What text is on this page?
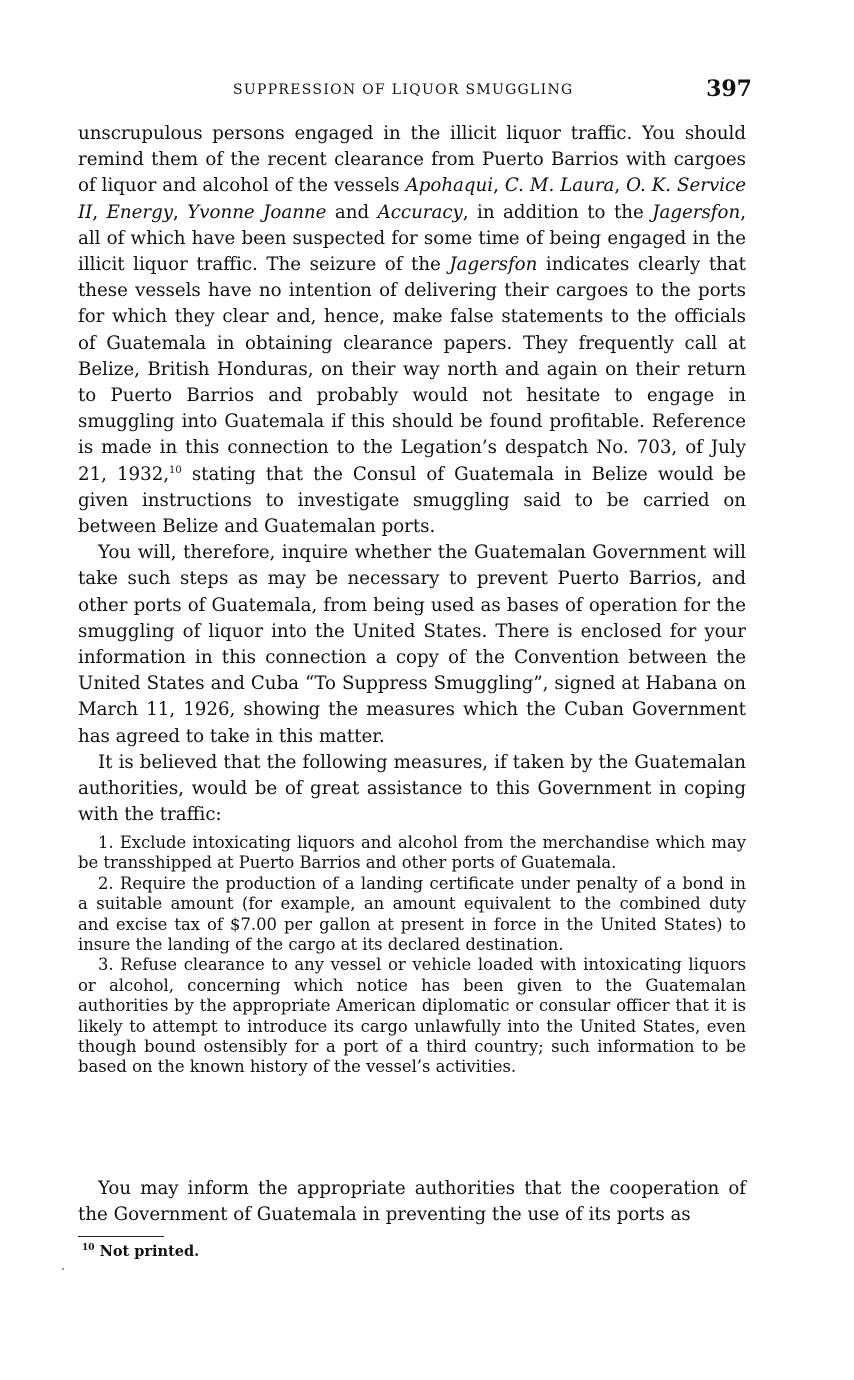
SUPPRESSION OF LIQUOR SMUGGLING	397

unscrupulous persons engaged in the illicit liquor traffic. You should remind them of the recent clearance from Puerto Barrios with cargoes of liquor and alcohol of the vessels Apohaqui, C. M. Laura, O. K. Service II, Energy, Yvonne Joanne and Accuracy, in addition to the Jagersfon, all of which have been suspected for some time of being engaged in the illicit liquor traffic. The seizure of the Jagersfon indicates clearly that these vessels have no intention of delivering their cargoes to the ports for which they clear and, hence, make false statements to the officials of Guatemala in obtaining clearance papers. They frequently call at Belize, British Honduras, on their way north and again on their return to Puerto Barrios and probably would not hesitate to engage in smuggling into Guatemala if this should be found profitable. Reference is made in this connection to the Legation’s despatch No. 703, of July 21, 1932,10 stating that the Consul of Guatemala in Belize would be given instructions to investigate smuggling said to be carried on between Belize and Guatemalan ports.

You will, therefore, inquire whether the Guatemalan Government will take such steps as may be necessary to prevent Puerto Barrios, and other ports of Guatemala, from being used as bases of operation for the smuggling of liquor into the United States. There is enclosed for your information in this connection a copy of the Convention between the United States and Cuba “To Suppress Smuggling”, signed at Habana on March 11, 1926, showing the measures which the Cuban Government has agreed to take in this matter.

It is believed that the following measures, if taken by the Guatemalan authorities, would be of great assistance to this Government in coping with the traffic:

1. Exclude intoxicating liquors and alcohol from the merchandise which may be transshipped at Puerto Barrios and other ports of Guatemala.

2. Require the production of a landing certificate under penalty of a bond in a suitable amount (for example, an amount equivalent to the combined duty and excise tax of $7.00 per gallon at present in force in the United States) to insure the landing of the cargo at its declared destination.

3. Refuse clearance to any vessel or vehicle loaded with intoxicating liquors or alcohol, concerning which notice has been given to the Guatemalan authorities by the appropriate American diplomatic or consular officer that it is likely to attempt to introduce its cargo unlawfully into the United States, even though bound ostensibly for a port of a third country; such information to be based on the known history of the vessel’s activities.

You may inform the appropriate authorities that the cooperation of the Government of Guatemala in preventing the use of its ports as

$^{10}$ Not printed.
